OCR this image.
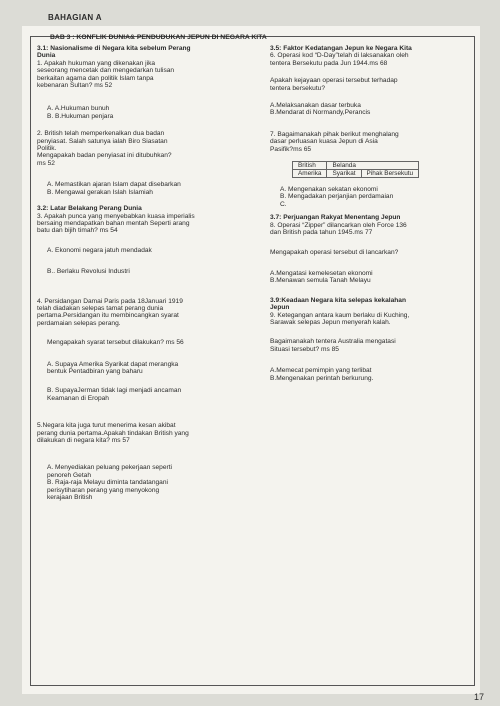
BAHAGIAN A
BAB 3 : KONFLIK DUNIA& PENDUDUKAN JEPUN DI NEGARA KITA
3.1: Nasionalisme di Negara kita sebelum Perang
Dunia
1. Apakah hukuman yang dikenakan jika
seseorang mencetak dan mengedarkan tulisan
berkaitan agama dan politik Islam tanpa
kebenaran Sultan? ms 52
A. A.Hukuman bunuh
B. B.Hukuman penjara
2. British telah memperkenalkan dua badan
penyiasat. Salah satunya ialah Biro Siasatan
Politik.
Mengapakah badan penyiasat ini ditubuhkan?
ms 52
A. Memastikan ajaran Islam dapat disebarkan
B. Mengawal gerakan Islah Islamiah
3.2: Latar Belakang Perang Dunia
3. Apakah punca yang menyebabkan kuasa imperialis
bersaing mendapatkan bahan mentah Seperti arang
batu dan bijih timah? ms 54
A. Ekonomi negara jatuh mendadak
B.. Berlaku Revolusi Industri
4. Persidangan Damai Paris pada 18Januari 1919
telah diadakan selepas tamat perang dunia
pertama.Persidangan itu membincangkan syarat
perdamaian selepas perang.
Mengapakah syarat tersebut dilakukan? ms 56
A. Supaya Amerika Syarikat dapat merangka
bentuk Pentadbiran yang baharu
B. SupayaJerman tidak lagi menjadi ancaman
Keamanan di Eropah
5.Negara kita juga turut menerima kesan akibat
perang dunia pertama.Apakah tindakan British yang
dilakukan di negara kita? ms 57
A. Menyediakan peluang pekerjaan seperti
penoreh Getah
B. Raja-raja Melayu diminta tandatangani
perisytiharan perang yang menyokong
kerajaan British
3.5: Faktor Kedatangan Jepun ke Negara Kita
6. Operasi kod “D-Day”telah di laksanakan oleh
tentera Bersekutu pada Jun 1944.ms 68
Apakah kejayaan operasi tersebut terhadap
tentera bersekutu?
A.Melaksanakan dasar terbuka
B.Mendarat di Normandy,Perancis
7. Bagaimanakah pihak berikut menghalang
dasar perluasan kuasa Jepun di Asia
Pasifik?ms 65
British	Belanda	
Amerika	Syarikat	Pihak Bersekutu
A. Mengenakan sekatan ekonomi
B. Mengadakan perjanjian perdamaian
C.
3.7: Perjuangan Rakyat Menentang Jepun
8. Operasi “Zipper” dilancarkan oleh Force 136
dan British pada tahun 1945.ms 77
Mengapakah operasi tersebut di lancarkan?
A.Mengatasi kemelesetan ekonomi
B.Menawan semula Tanah Melayu
3.9:Keadaan Negara kita selepas kekalahan
Jepun
9. Ketegangan antara kaum berlaku di Kuching,
Sarawak selepas Jepun menyerah kalah.
Bagaimanakah tentera Australia mengatasi
Situasi tersebut? ms 85
A.Memecat pemimpin yang terlibat
B.Mengenakan perintah berkurung.
17
